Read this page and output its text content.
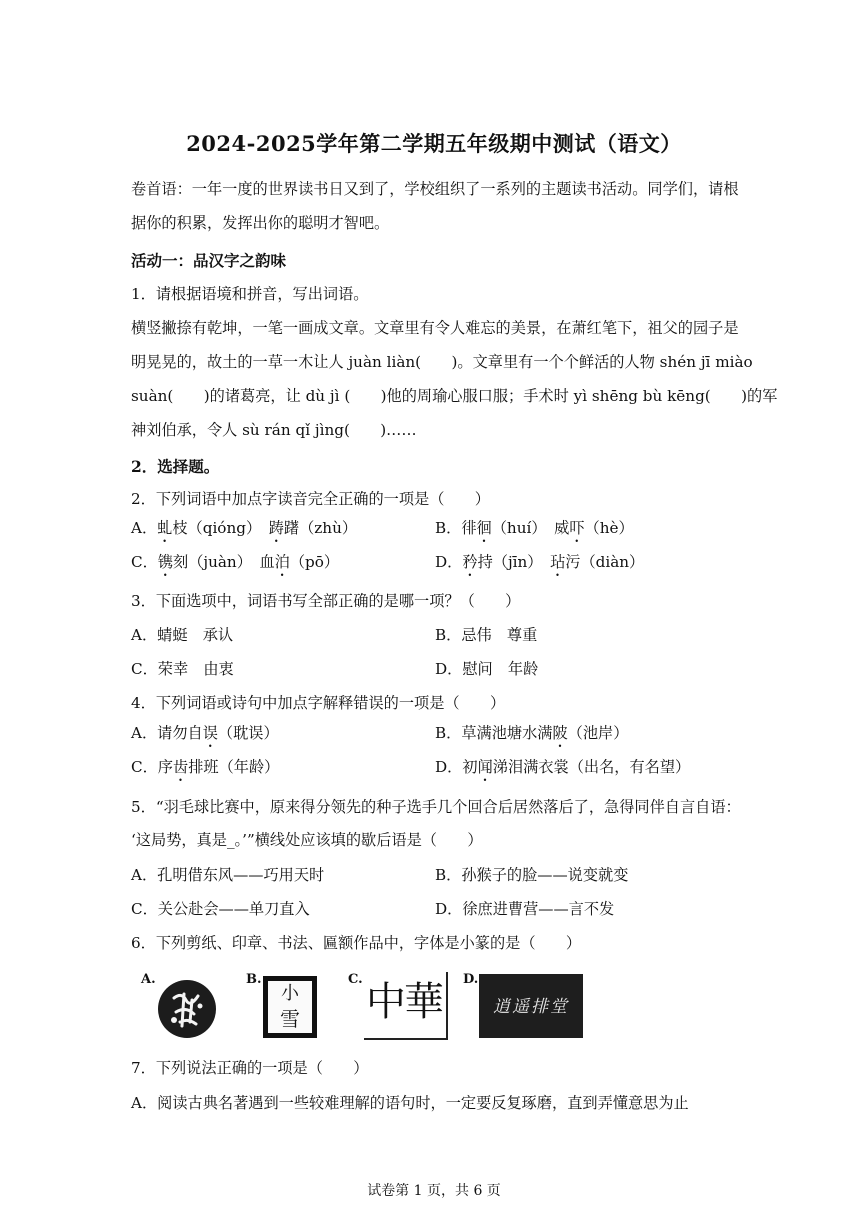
2024-2025学年第二学期五年级期中测试（语文）
卷首语：一年一度的世界读书日又到了，学校组织了一系列的主题读书活动。同学们，请根
据你的积累，发挥出你的聪明才智吧。
活动一：品汉字之韵味
1．请根据语境和拼音，写出词语。
横竖撇捺有乾坤，一笔一画成文章。文章里有令人难忘的美景，在萧红笔下，祖父的园子是
明晃晃的，故土的一草一木让人 juàn liàn(　　)。文章里有一个个鲜活的人物 shén jī miào
suàn(　　)的诸葛亮，让 dù jì (　　)他的周瑜心服口服；手术时 yì shēng bù kēng(　　)的军
神刘伯承，令人 sù rán qǐ jìng(　　)……
2．选择题。
2．下列词语中加点字读音完全正确的一项是（　　）
A．虬枝（qióng）　踌躇（zhù）	B．徘徊（huí）　威吓（hè）
C．镌刻（juàn）　血泊（pō）	D．矜持（jīn）　玷污（diàn）
3．下面选项中，词语书写全部正确的是哪一项？（　　）
A．蜻蜓　承认	B．忌伟　尊重
C．荣幸　由衷	D．慰问　年龄
4．下列词语或诗句中加点字解释错误的一项是（　　）
A．请勿自误（耽误）	B．草满池塘水满陂（池岸）
C．序齿排班（年龄）	D．初闻涕泪满衣裳（出名，有名望）
5．“羽毛球比赛中，原来得分领先的种子选手几个回合后居然落后了，急得同伴自言自语：
‘这局势，真是_。’”横线处应该填的歇后语是（　　）
A．孔明借东风——巧用天时	B．孙猴子的脸——说变就变
C．关公赴会——单刀直入	D．徐庶进曹营——言不发
6．下列剪纸、印章、书法、匾额作品中，字体是小篆的是（　　）
A.	B.
小
雪
C. 中
華 D.
逍遥排堂
7．下列说法正确的一项是（　　）
A．阅读古典名著遇到一些较难理解的语句时，一定要反复琢磨，直到弄懂意思为止
试卷第 1 页，共 6 页
